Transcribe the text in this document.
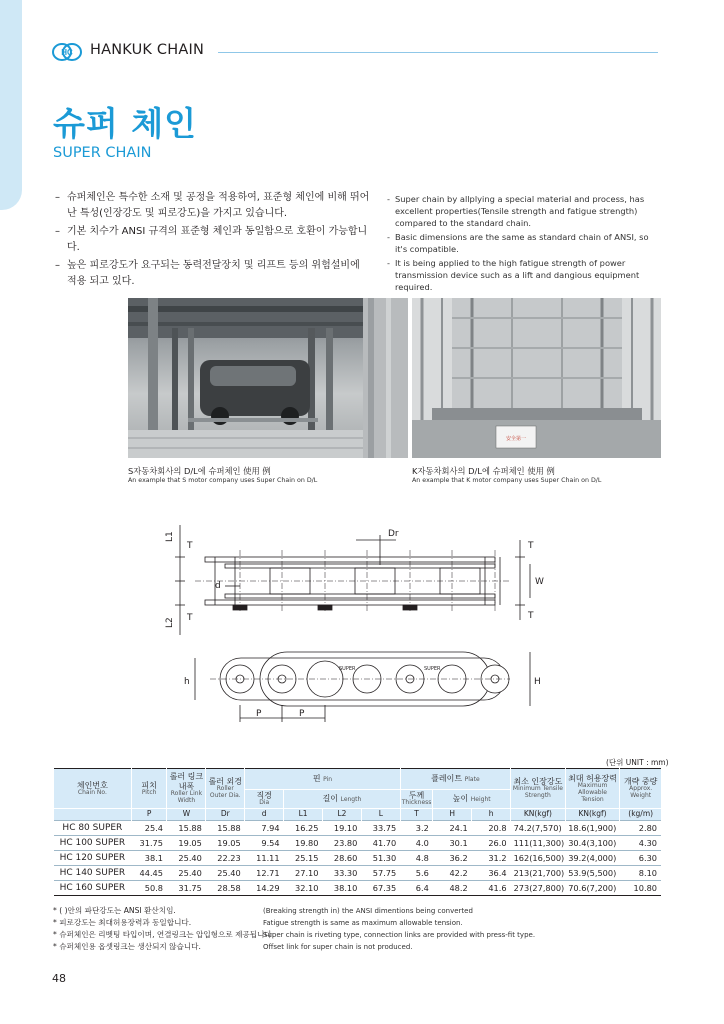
HC HANKUK CHAIN
슈퍼 체인
SUPER CHAIN
– 슈퍼체인은 특수한 소재 및 공정을 적용하여, 표준형 체인에 비해 뛰어난 특성(인장강도 및 피로강도)을 가지고 있습니다.
– 기본 치수가 ANSI 규격의 표준형 체인과 동일함으로 호환이 가능합니다.
– 높은 피로강도가 요구되는 동력전달장치 및 리프트 등의 위험설비에 적용 되고 있다.
- Super chain by allplying a special material and process, has excellent properties(Tensile strength and fatigue strength) compared to the standard chain.
- Basic dimensions are the same as standard chain of ANSI, so it's compatible.
- It is being applied to the high fatigue strength of power transmission device such as a lift and dangious equipment required.
安全第一
S자동차회사의 D/L에 슈퍼체인 使用 例
An example that S motor company uses Super Chain on D/L
K자동차회사의 D/L에 슈퍼체인 使用 例
An example that K motor company uses Super Chain on D/L
L1
L2
T
T
Dr
d	W
T
T
h	H
P	P
SUPER	SUPER
(단위 UNIT : mm)
체인번호
Chain No.	피치
Pitch	롤러 링크내폭
Roller Link Width	롤러 외경
Roller Outer Dia.	핀 Pin				플레이트 Plate			최소 인장강도
Minimum Tensile Strength	최대 허용장력
Maximum Allowable Tension	개략 중량
Approx. Weight

				직경
Dia	길이 Length			두께
Thickness	높이 Height				
	P	W	Dr	d	L1	L2	L	T	H	h	KN(kgf)	KN(kgf)	(kg/m)
HC 80 SUPER	25.4	15.88	15.88	7.94	16.25	19.10	33.75	3.2	24.1	20.8	74.2(7,570)	18.6(1,900)	2.80
HC 100 SUPER	31.75	19.05	19.05	9.54	19.80	23.80	41.70	4.0	30.1	26.0	111(11,300)	30.4(3,100)	4.30
HC 120 SUPER	38.1	25.40	22.23	11.11	25.15	28.60	51.30	4.8	36.2	31.2	162(16,500)	39.2(4,000)	6.30
HC 140 SUPER	44.45	25.40	25.40	12.71	27.10	33.30	57.75	5.6	42.2	36.4	213(21,700)	53.9(5,500)	8.10
HC 160 SUPER	50.8	31.75	28.58	14.29	32.10	38.10	67.35	6.4	48.2	41.6	273(27,800)	70.6(7,200)	10.80
* ( )안의 파단강도는 ANSI 환산치임.
* 피로강도는 최대허용장력과 동일합니다.
* 슈퍼체인은 리벳팅 타입이며, 연결링크는 압입형으로 제공됩니다.
* 슈퍼체인용 옵셋링크는 생산되지 않습니다.
(Breaking strength in) the ANSI dimentions being converted
Fatigue strength is same as maximum allowable tension.
Super chain is riveting type, connection links are provided with press-fit type.
Offset link for super chain is not produced.
48
